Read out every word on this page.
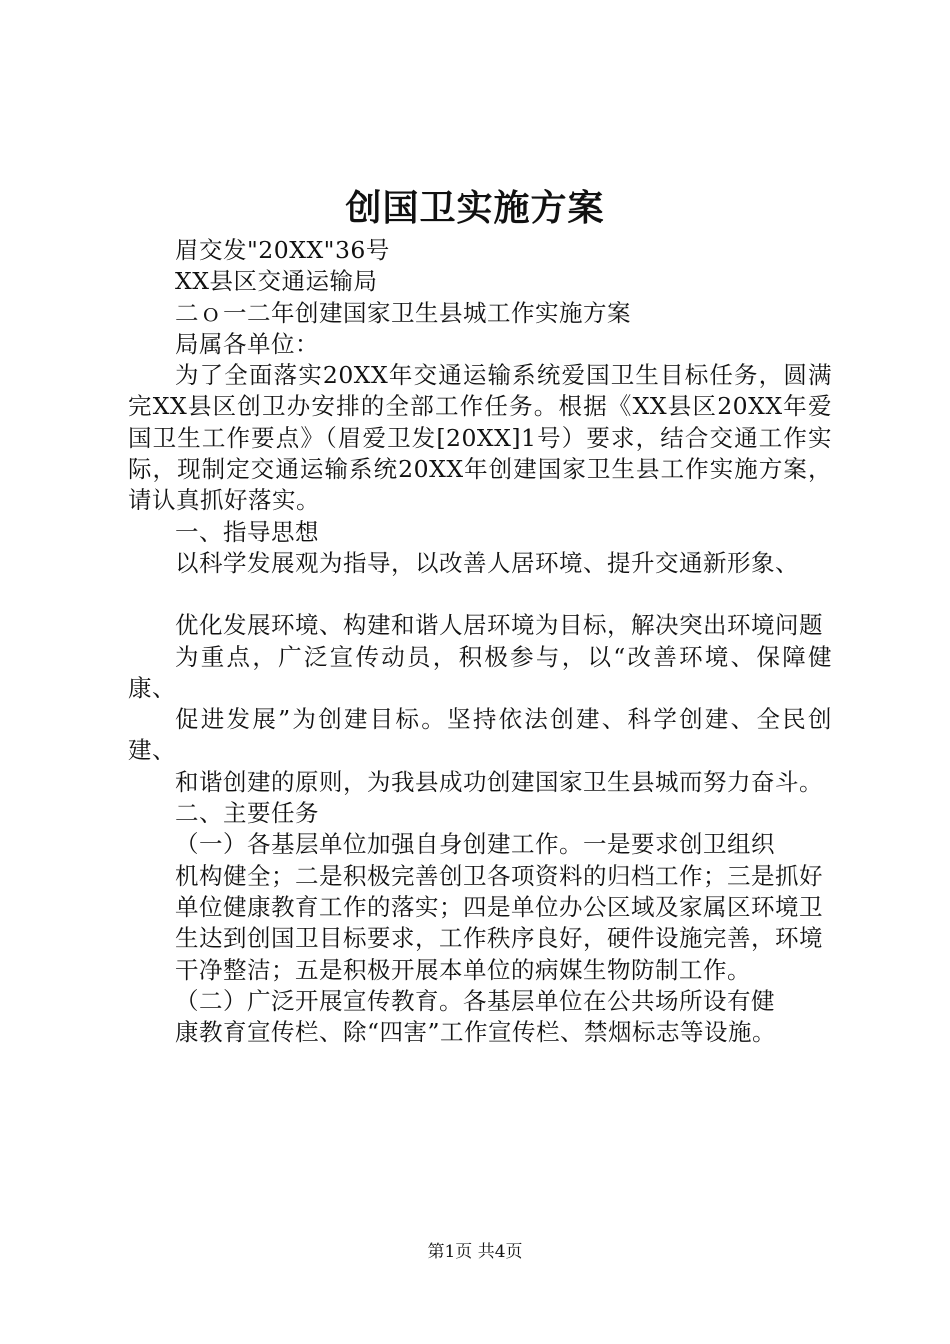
创国卫实施方案

眉交发"20XX"36号

XX县区交通运输局

二ｏ一二年创建国家卫生县城工作实施方案

局属各单位：

为了全面落实20XX年交通运输系统爱国卫生目标任务，圆满完XX县区创卫办安排的全部工作任务。根据《XX县区20XX年爱国卫生工作要点》（眉爱卫发[20XX]1号）要求，结合交通工作实际，现制定交通运输系统20XX年创建国家卫生县工作实施方案，请认真抓好落实。

一、指导思想

以科学发展观为指导，以改善人居环境、提升交通新形象、

优化发展环境、构建和谐人居环境为目标，解决突出环境问题

为重点，广泛宣传动员，积极参与，以“改善环境、保障健康、

促进发展”为创建目标。坚持依法创建、科学创建、全民创建、

和谐创建的原则，为我县成功创建国家卫生县城而努力奋斗。

二、主要任务

（一）各基层单位加强自身创建工作。一是要求创卫组织

机构健全；二是积极完善创卫各项资料的归档工作；三是抓好

单位健康教育工作的落实；四是单位办公区域及家属区环境卫

生达到创国卫目标要求，工作秩序良好，硬件设施完善，环境

干净整洁；五是积极开展本单位的病媒生物防制工作。

（二）广泛开展宣传教育。各基层单位在公共场所设有健

康教育宣传栏、除“四害”工作宣传栏、禁烟标志等设施。

第1页 共4页
